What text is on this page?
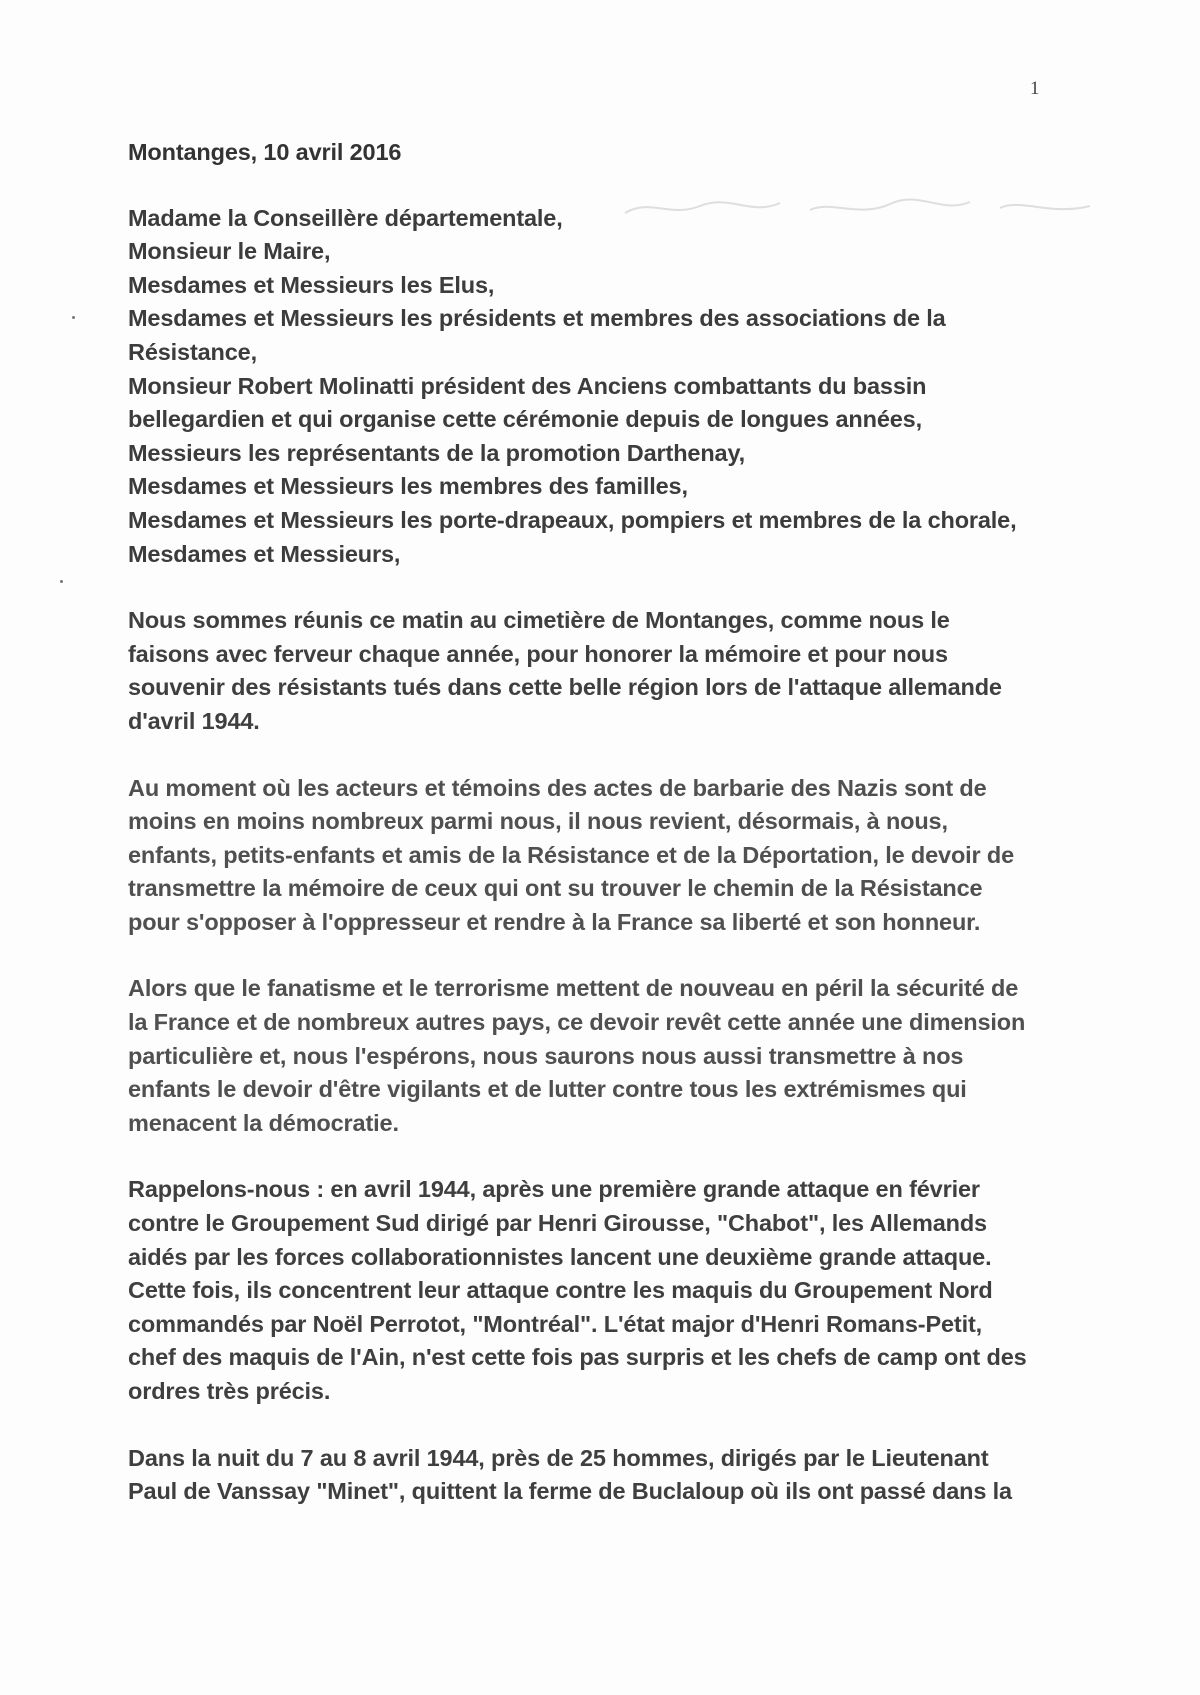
1
Montanges, 10 avril 2016
Madame la Conseillère départementale,
Monsieur le Maire,
Mesdames et Messieurs les Elus,
Mesdames et Messieurs les présidents et membres des associations de la
Résistance,
Monsieur Robert Molinatti président des Anciens combattants du bassin
bellegardien et qui organise cette cérémonie depuis de longues années,
Messieurs les représentants de la promotion Darthenay,
Mesdames et Messieurs les membres des familles,
Mesdames et Messieurs les porte-drapeaux, pompiers et membres de la chorale,
Mesdames et Messieurs,

Nous sommes réunis ce matin au cimetière de Montanges, comme nous le

faisons avec ferveur chaque année, pour honorer la mémoire et pour nous

souvenir des résistants tués dans cette belle région lors de l'attaque allemande

d'avril 1944.

Au moment où les acteurs et témoins des actes de barbarie des Nazis sont de

moins en moins nombreux parmi nous, il nous revient, désormais, à nous,

enfants, petits-enfants et amis de la Résistance et de la Déportation, le devoir de

transmettre la mémoire de ceux qui ont su trouver le chemin de la Résistance

pour s'opposer à l'oppresseur et rendre à la France sa liberté et son honneur.

Alors que le fanatisme et le terrorisme mettent de nouveau en péril la sécurité de

la France et de nombreux autres pays, ce devoir revêt cette année une dimension

particulière et, nous l'espérons, nous saurons nous aussi transmettre à nos

enfants le devoir d'être vigilants et de lutter contre tous les extrémismes qui

menacent la démocratie.

Rappelons-nous : en avril 1944, après une première grande attaque en février

contre le Groupement Sud dirigé par Henri Girousse, "Chabot", les Allemands

aidés par les forces collaborationnistes lancent une deuxième grande attaque.

Cette fois, ils concentrent leur attaque contre les maquis du Groupement Nord

commandés par Noël Perrotot, "Montréal". L'état major d'Henri Romans-Petit,

chef des maquis de l'Ain, n'est cette fois pas surpris et les chefs de camp ont des

ordres très précis.

Dans la nuit du 7 au 8 avril 1944, près de 25 hommes, dirigés par le Lieutenant

Paul de Vanssay "Minet", quittent la ferme de Buclaloup où ils ont passé dans la
